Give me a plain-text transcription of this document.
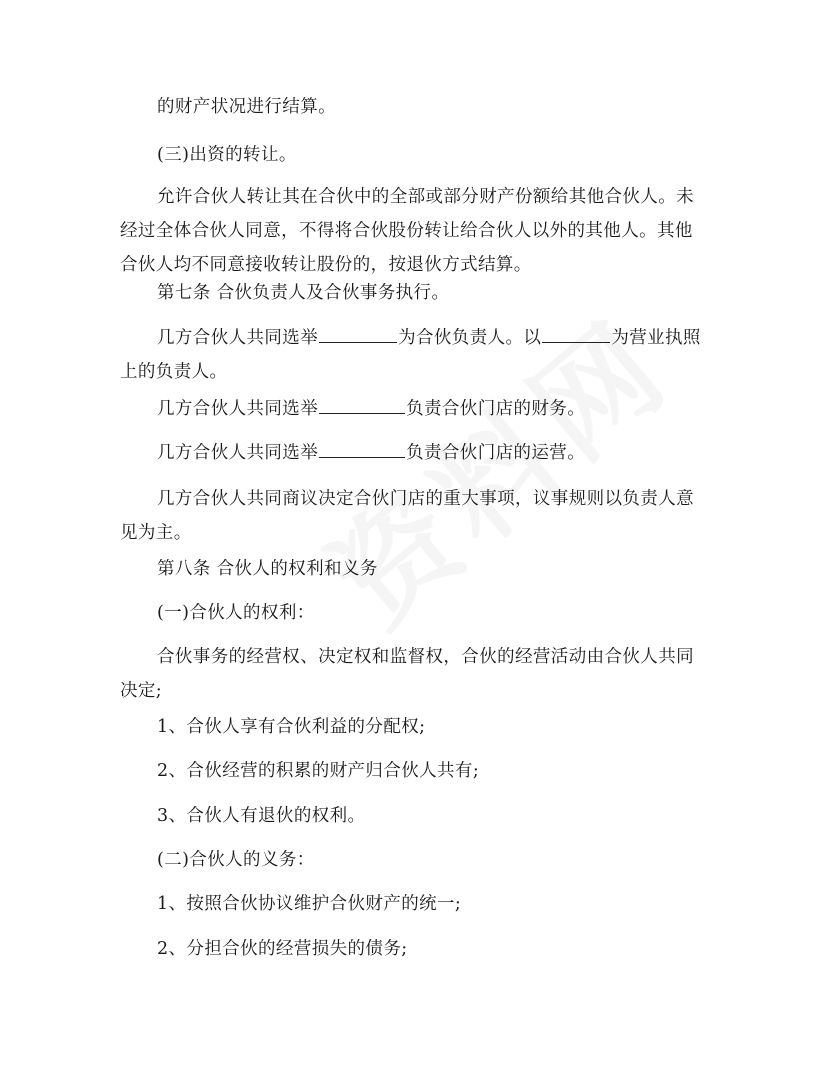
的财产状况进行结算。

(三)出资的转让。

允许合伙人转让其在合伙中的全部或部分财产份额给其他合伙人。未经过全体合伙人同意，不得将合伙股份转让给合伙人以外的其他人。其他合伙人均不同意接收转让股份的，按退伙方式结算。

第七条 合伙负责人及合伙事务执行。

几方合伙人共同选举	为合伙负责人。以	为营业执照上的负责人。

几方合伙人共同选举	负责合伙门店的财务。

几方合伙人共同选举	负责合伙门店的运营。

几方合伙人共同商议决定合伙门店的重大事项，议事规则以负责人意见为主。

第八条 合伙人的权利和义务

(一)合伙人的权利：

合伙事务的经营权、决定权和监督权，合伙的经营活动由合伙人共同决定;

1、合伙人享有合伙利益的分配权;

2、合伙经营的积累的财产归合伙人共有;

3、合伙人有退伙的权利。

(二)合伙人的义务：

1、按照合伙协议维护合伙财产的统一;

2、分担合伙的经营损失的债务;
